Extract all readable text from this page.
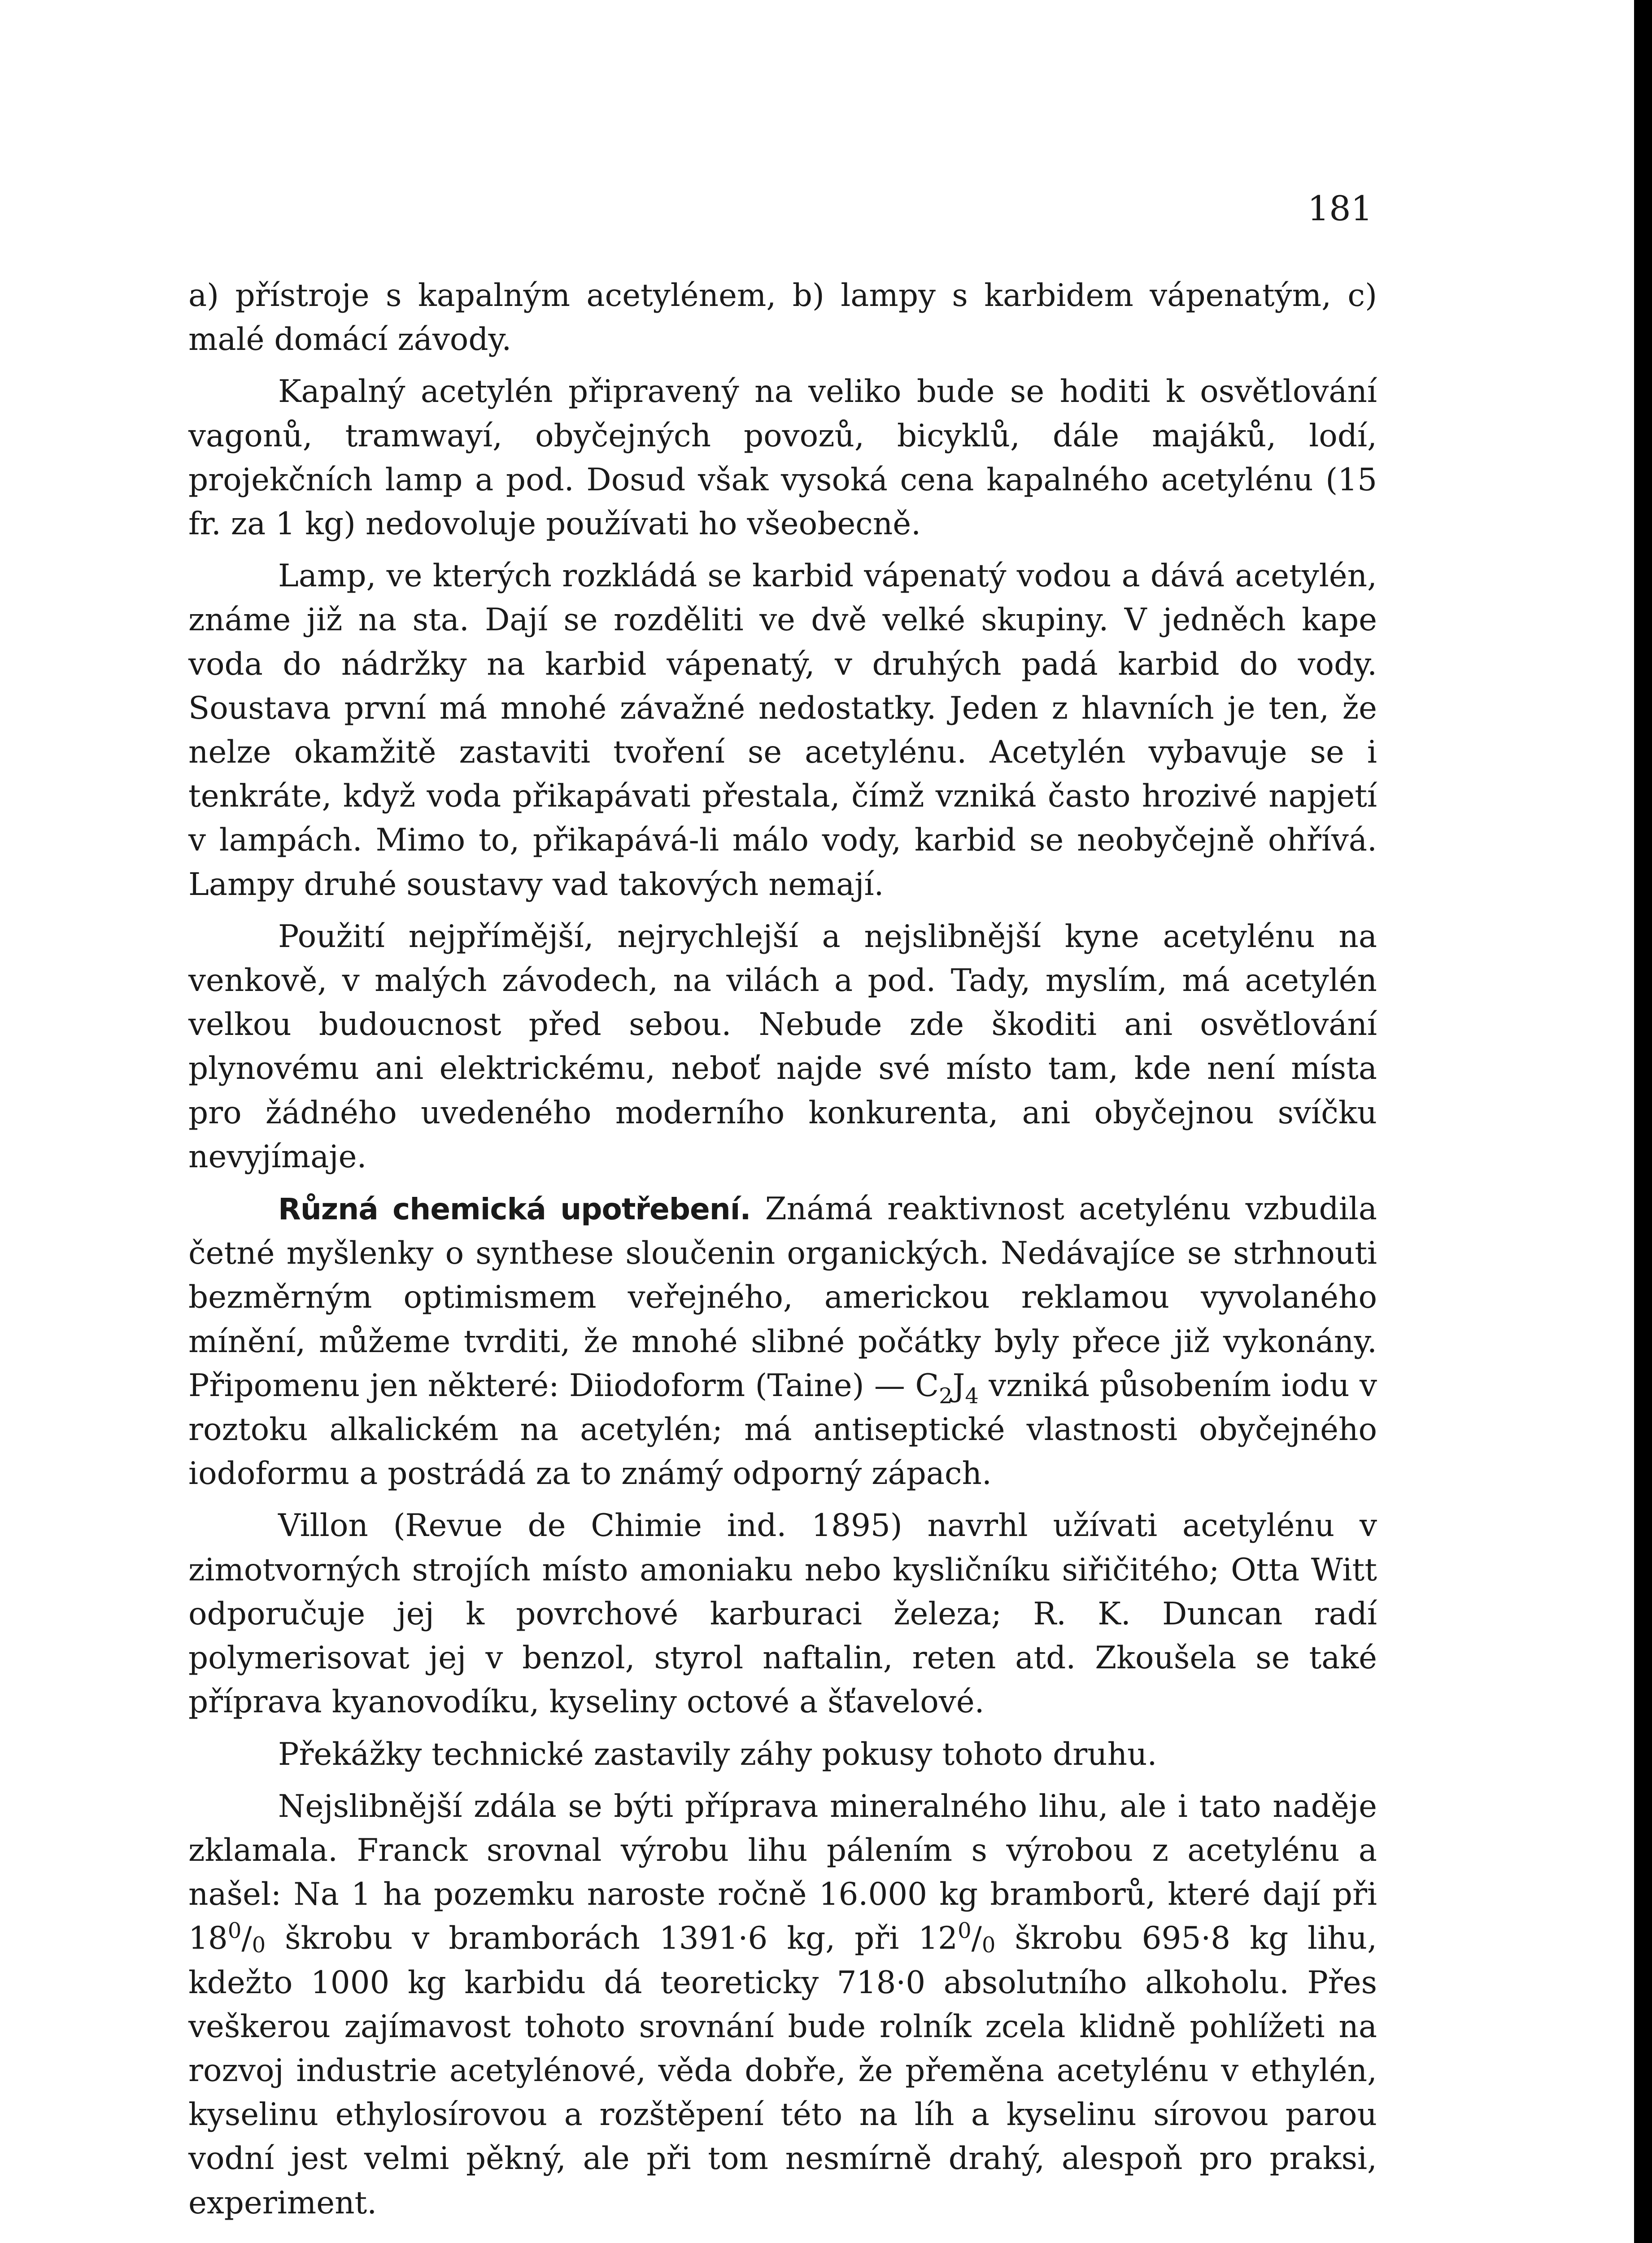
181

a) přístroje s kapalným acetylénem, b) lampy s karbidem vápenatým, c) malé domácí závody.

Kapalný acetylén připravený na veliko bude se hoditi k osvětlování vagonů, tramwayí, obyčejných povozů, bicyklů, dále majáků, lodí, projekčních lamp a pod. Dosud však vysoká cena kapalného acetylénu (15 fr. za 1 kg) nedovoluje používati ho všeobecně.

Lamp, ve kterých rozkládá se karbid vápenatý vodou a dává acetylén, známe již na sta. Dají se rozděliti ve dvě velké skupiny. V jedněch kape voda do nádržky na karbid vápenatý, v druhých padá karbid do vody. Soustava první má mnohé závažné nedostatky. Jeden z hlavních je ten, že nelze okamžitě zastaviti tvoření se acetylénu. Acetylén vybavuje se i tenkráte, když voda přikapávati přestala, čímž vzniká často hrozivé napjetí v lampách. Mimo to, přikapává-li málo vody, karbid se neobyčejně ohřívá. Lampy druhé soustavy vad takových nemají.

Použití nejpřímější, nejrychlejší a nejslibnější kyne acetylénu na venkově, v malých závodech, na vilách a pod. Tady, myslím, má acetylén velkou budoucnost před sebou. Nebude zde škoditi ani osvětlování plynovému ani elektrickému, neboť najde své místo tam, kde není místa pro žádného uvedeného moderního konkurenta, ani obyčejnou svíčku nevyjímaje.

Různá chemická upotřebení. Známá reaktivnost acetylénu vzbudila četné myšlenky o synthese sloučenin organických. Nedávajíce se strhnouti bezměrným optimismem veřejného, americkou reklamou vyvolaného mínění, můžeme tvrditi, že mnohé slibné počátky byly přece již vykonány. Připomenu jen některé: Diiodoform (Taine) — $C_2J_4$ vzniká působením iodu v roztoku alkalickém na acetylén; má antiseptické vlastnosti obyčejného iodoformu a postrádá za to známý odporný zápach.

Villon (Revue de Chimie ind. 1895) navrhl užívati acetylénu v zimotvorných strojích místo amoniaku nebo kysličníku siřičitého; Otta Witt odporučuje jej k povrchové karburaci železa; R. K. Duncan radí polymerisovat jej v benzol, styrol naftalin, reten atd. Zkoušela se také příprava kyanovodíku, kyseliny octové a šťavelové.

Překážky technické zastavily záhy pokusy tohoto druhu.

Nejslibnější zdála se býti příprava mineralného lihu, ale i tato naděje zklamala. Franck srovnal výrobu lihu pálením s výrobou z acetylénu a našel: Na 1 ha pozemku naroste ročně 16.000 kg bramborů, které dají při $18^0/0$ škrobu v bramborách 1391·6 kg, při $12^0/0$ škrobu 695·8 kg lihu, kdežto 1000 kg karbidu dá teoreticky 718·0 absolutního alkoholu. Přes veškerou zajímavost tohoto srovnání bude rolník zcela klidně pohlížeti na rozvoj industrie acetylénové, věda dobře, že přeměna acetylénu v ethylén, kyselinu ethylosírovou a rozštěpení této na líh a kyselinu sírovou parou vodní jest velmi pěkný, ale při tom nesmírně drahý, alespoň pro praksi, experiment.
